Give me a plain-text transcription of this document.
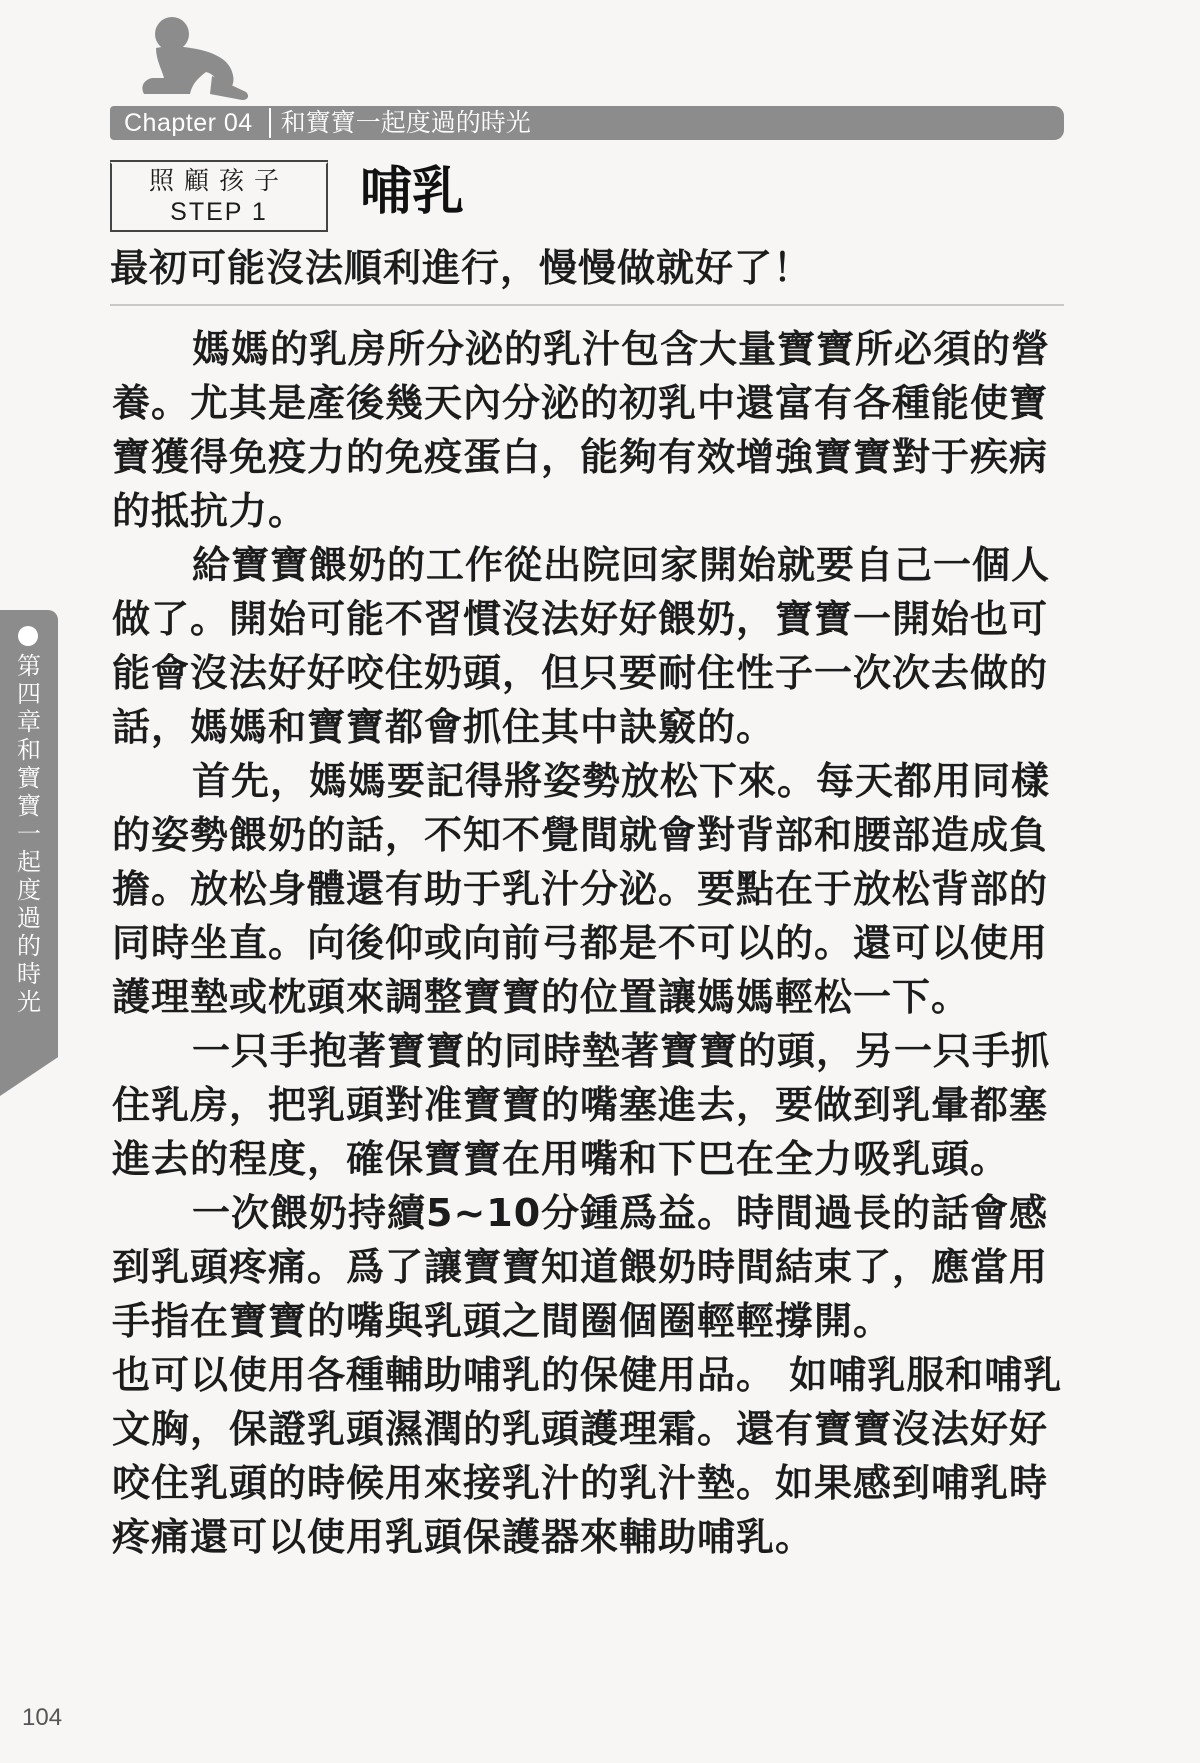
Chapter 04	和寶寶一起度過的時光
照顧孩子
STEP 1	哺乳
最初可能沒法順利進行，慢慢做就好了！

媽媽的乳房所分泌的乳汁包含大量寶寶所必須的營養。尤其是產後幾天內分泌的初乳中還富有各種能使寶寶獲得免疫力的免疫蛋白，能夠有效增強寶寶對于疾病的抵抗力。

給寶寶餵奶的工作從出院回家開始就要自己一個人做了。開始可能不習慣沒法好好餵奶，寶寶一開始也可能會沒法好好咬住奶頭，但只要耐住性子一次次去做的話，媽媽和寶寶都會抓住其中訣竅的。

首先，媽媽要記得將姿勢放松下來。每天都用同樣的姿勢餵奶的話，不知不覺間就會對背部和腰部造成負擔。放松身體還有助于乳汁分泌。要點在于放松背部的同時坐直。向後仰或向前弓都是不可以的。還可以使用護理墊或枕頭來調整寶寶的位置讓媽媽輕松一下。

一只手抱著寶寶的同時墊著寶寶的頭，另一只手抓住乳房，把乳頭對准寶寶的嘴塞進去，要做到乳暈都塞進去的程度，確保寶寶在用嘴和下巴在全力吸乳頭。

一次餵奶持續5~10分鍾爲益。時間過長的話會感到乳頭疼痛。爲了讓寶寶知道餵奶時間結束了，應當用手指在寶寶的嘴與乳頭之間圈個圈輕輕撐開。

也可以使用各種輔助哺乳的保健用品。 如哺乳服和哺乳文胸，保證乳頭濕潤的乳頭護理霜。還有寶寶沒法好好咬住乳頭的時候用來接乳汁的乳汁墊。如果感到哺乳時疼痛還可以使用乳頭保護器來輔助哺乳。

第四章 和寶寶一起度過的時光
104
